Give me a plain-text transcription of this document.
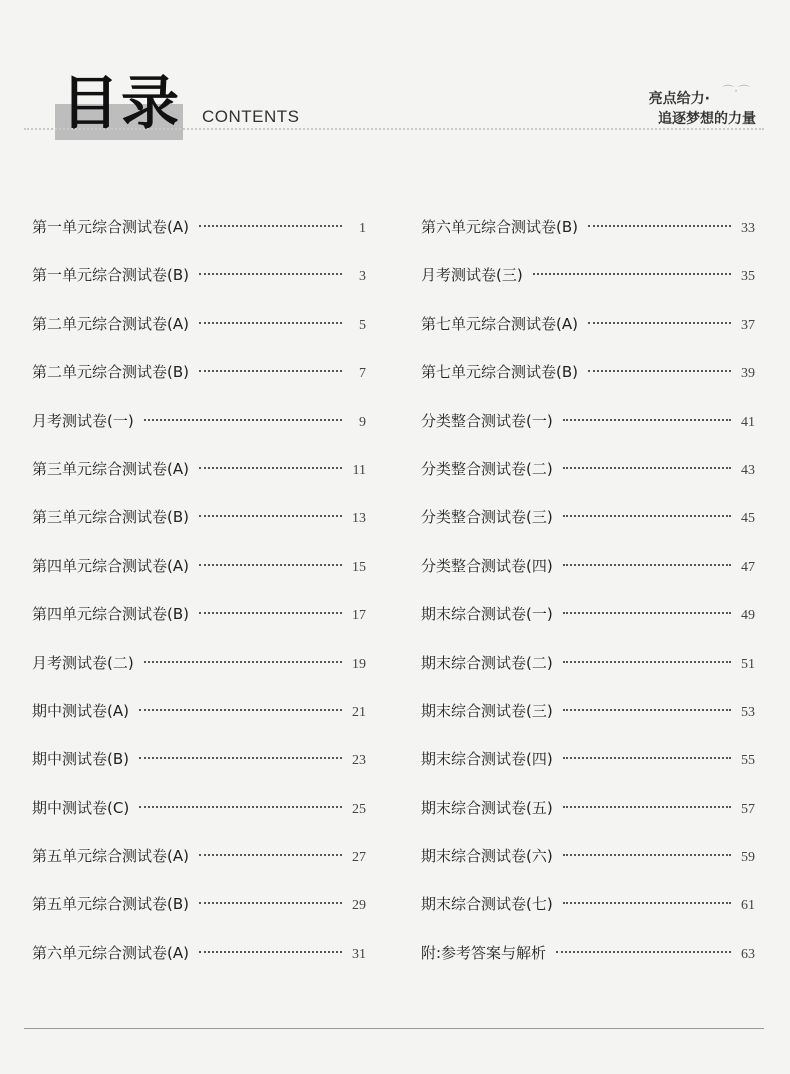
目录 CONTENTS
⌒·⌒
亮点给力·
追逐梦想的力量
第一单元综合测试卷(A)	1
第一单元综合测试卷(B)	3
第二单元综合测试卷(A)	5
第二单元综合测试卷(B)	7
月考测试卷(一)	9
第三单元综合测试卷(A)	11
第三单元综合测试卷(B)	13
第四单元综合测试卷(A)	15
第四单元综合测试卷(B)	17
月考测试卷(二)	19
期中测试卷(A)	21
期中测试卷(B)	23
期中测试卷(C)	25
第五单元综合测试卷(A)	27
第五单元综合测试卷(B)	29
第六单元综合测试卷(A)	31
第六单元综合测试卷(B)	33
月考测试卷(三)	35
第七单元综合测试卷(A)	37
第七单元综合测试卷(B)	39
分类整合测试卷(一)	41
分类整合测试卷(二)	43
分类整合测试卷(三)	45
分类整合测试卷(四)	47
期末综合测试卷(一)	49
期末综合测试卷(二)	51
期末综合测试卷(三)	53
期末综合测试卷(四)	55
期末综合测试卷(五)	57
期末综合测试卷(六)	59
期末综合测试卷(七)	61
附:参考答案与解析	63
